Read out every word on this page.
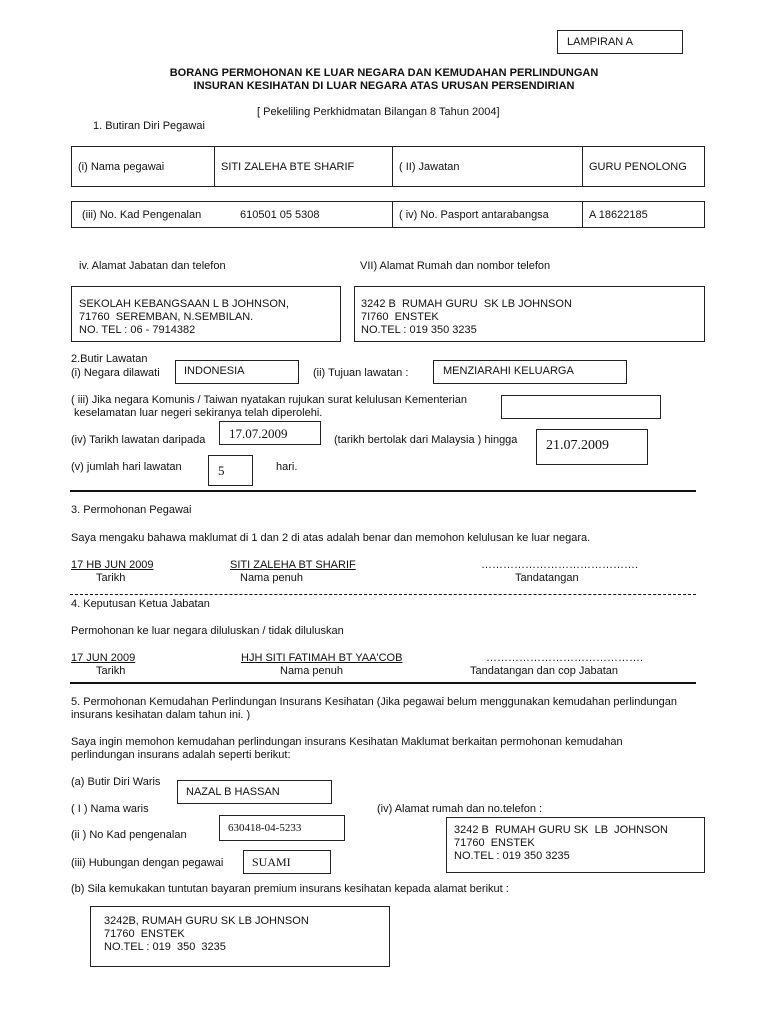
LAMPIRAN A
BORANG PERMOHONAN KE LUAR NEGARA DAN KEMUDAHAN PERLINDUNGAN
INSURAN KESIHATAN DI LUAR NEGARA ATAS URUSAN PERSENDIRIAN
[ Pekeliling Perkhidmatan Bilangan 8 Tahun 2004]
1. Butiran Diri Pegawai
(i) Nama pegawai	SITI ZALEHA BTE SHARIF	( II) Jawatan	GURU PENOLONG
(iii) No. Kad Pengenalan	610501 05 5308	( iv) No. Pasport antarabangsa	A 18622185
iv. Alamat Jabatan dan telefon	VII) Alamat Rumah dan nombor telefon
SEKOLAH KEBANGSAAN L B JOHNSON,
71760  SEREMBAN, N.SEMBILAN.
NO. TEL : 06 - 7914382
3242 B  RUMAH GURU  SK LB JOHNSON
7I760  ENSTEK
NO.TEL : 019 350 3235
2.Butir Lawatan
(i) Negara dilawati INDONESIA	(ii) Tujuan lawatan :	MENZIARAHI KELUARGA
( iii) Jika negara Komunis / Taiwan nyatakan rujukan surat kelulusan Kementerian
keselamatan luar negeri sekiranya telah diperolehi.
(iv) Tarikh lawatan daripada 17.07.2009	(tarikh bertolak dari Malaysia ) hingga 21.07.2009
(v) jumlah hari lawatan	5	hari.
3. Permohonan Pegawai
Saya mengaku bahawa maklumat di 1 dan 2 di atas adalah benar dan memohon kelulusan ke luar negara.
17 HB JUN 2009	SITI ZALEHA BT SHARIF	…………………………………….
Tarikh	Nama penuh	Tandatangan
4. Keputusan Ketua Jabatan
Permohonan ke luar negara diluluskan / tidak diluluskan
17 JUN 2009	HJH SITI FATIMAH BT YAA'COB	…………………………………….
Tarikh	Nama penuh	Tandatangan dan cop Jabatan
5. Permohonan Kemudahan Perlindungan Insurans Kesihatan (Jika pegawai belum menggunakan kemudahan perlindungan
insurans kesihatan dalam tahun ini. )
Saya ingin memohon kemudahan perlindungan insurans Kesihatan Maklumat berkaitan permohonan kemudahan
perlindungan insurans adalah seperti berikut:
(a) Butir Diri Waris
NAZAL B HASSAN
( I ) Nama waris	(iv) Alamat rumah dan no.telefon :
(ii ) No Kad pengenalan
630418-04-5233	3242 B  RUMAH GURU SK  LB  JOHNSON
71760  ENSTEK
NO.TEL : 019 350 3235
(iii) Hubungan dengan pegawai SUAMI
(b) Sila kemukakan tuntutan bayaran premium insurans kesihatan kepada alamat berikut :
3242B, RUMAH GURU SK LB JOHNSON
71760  ENSTEK
NO.TEL : 019  350  3235
